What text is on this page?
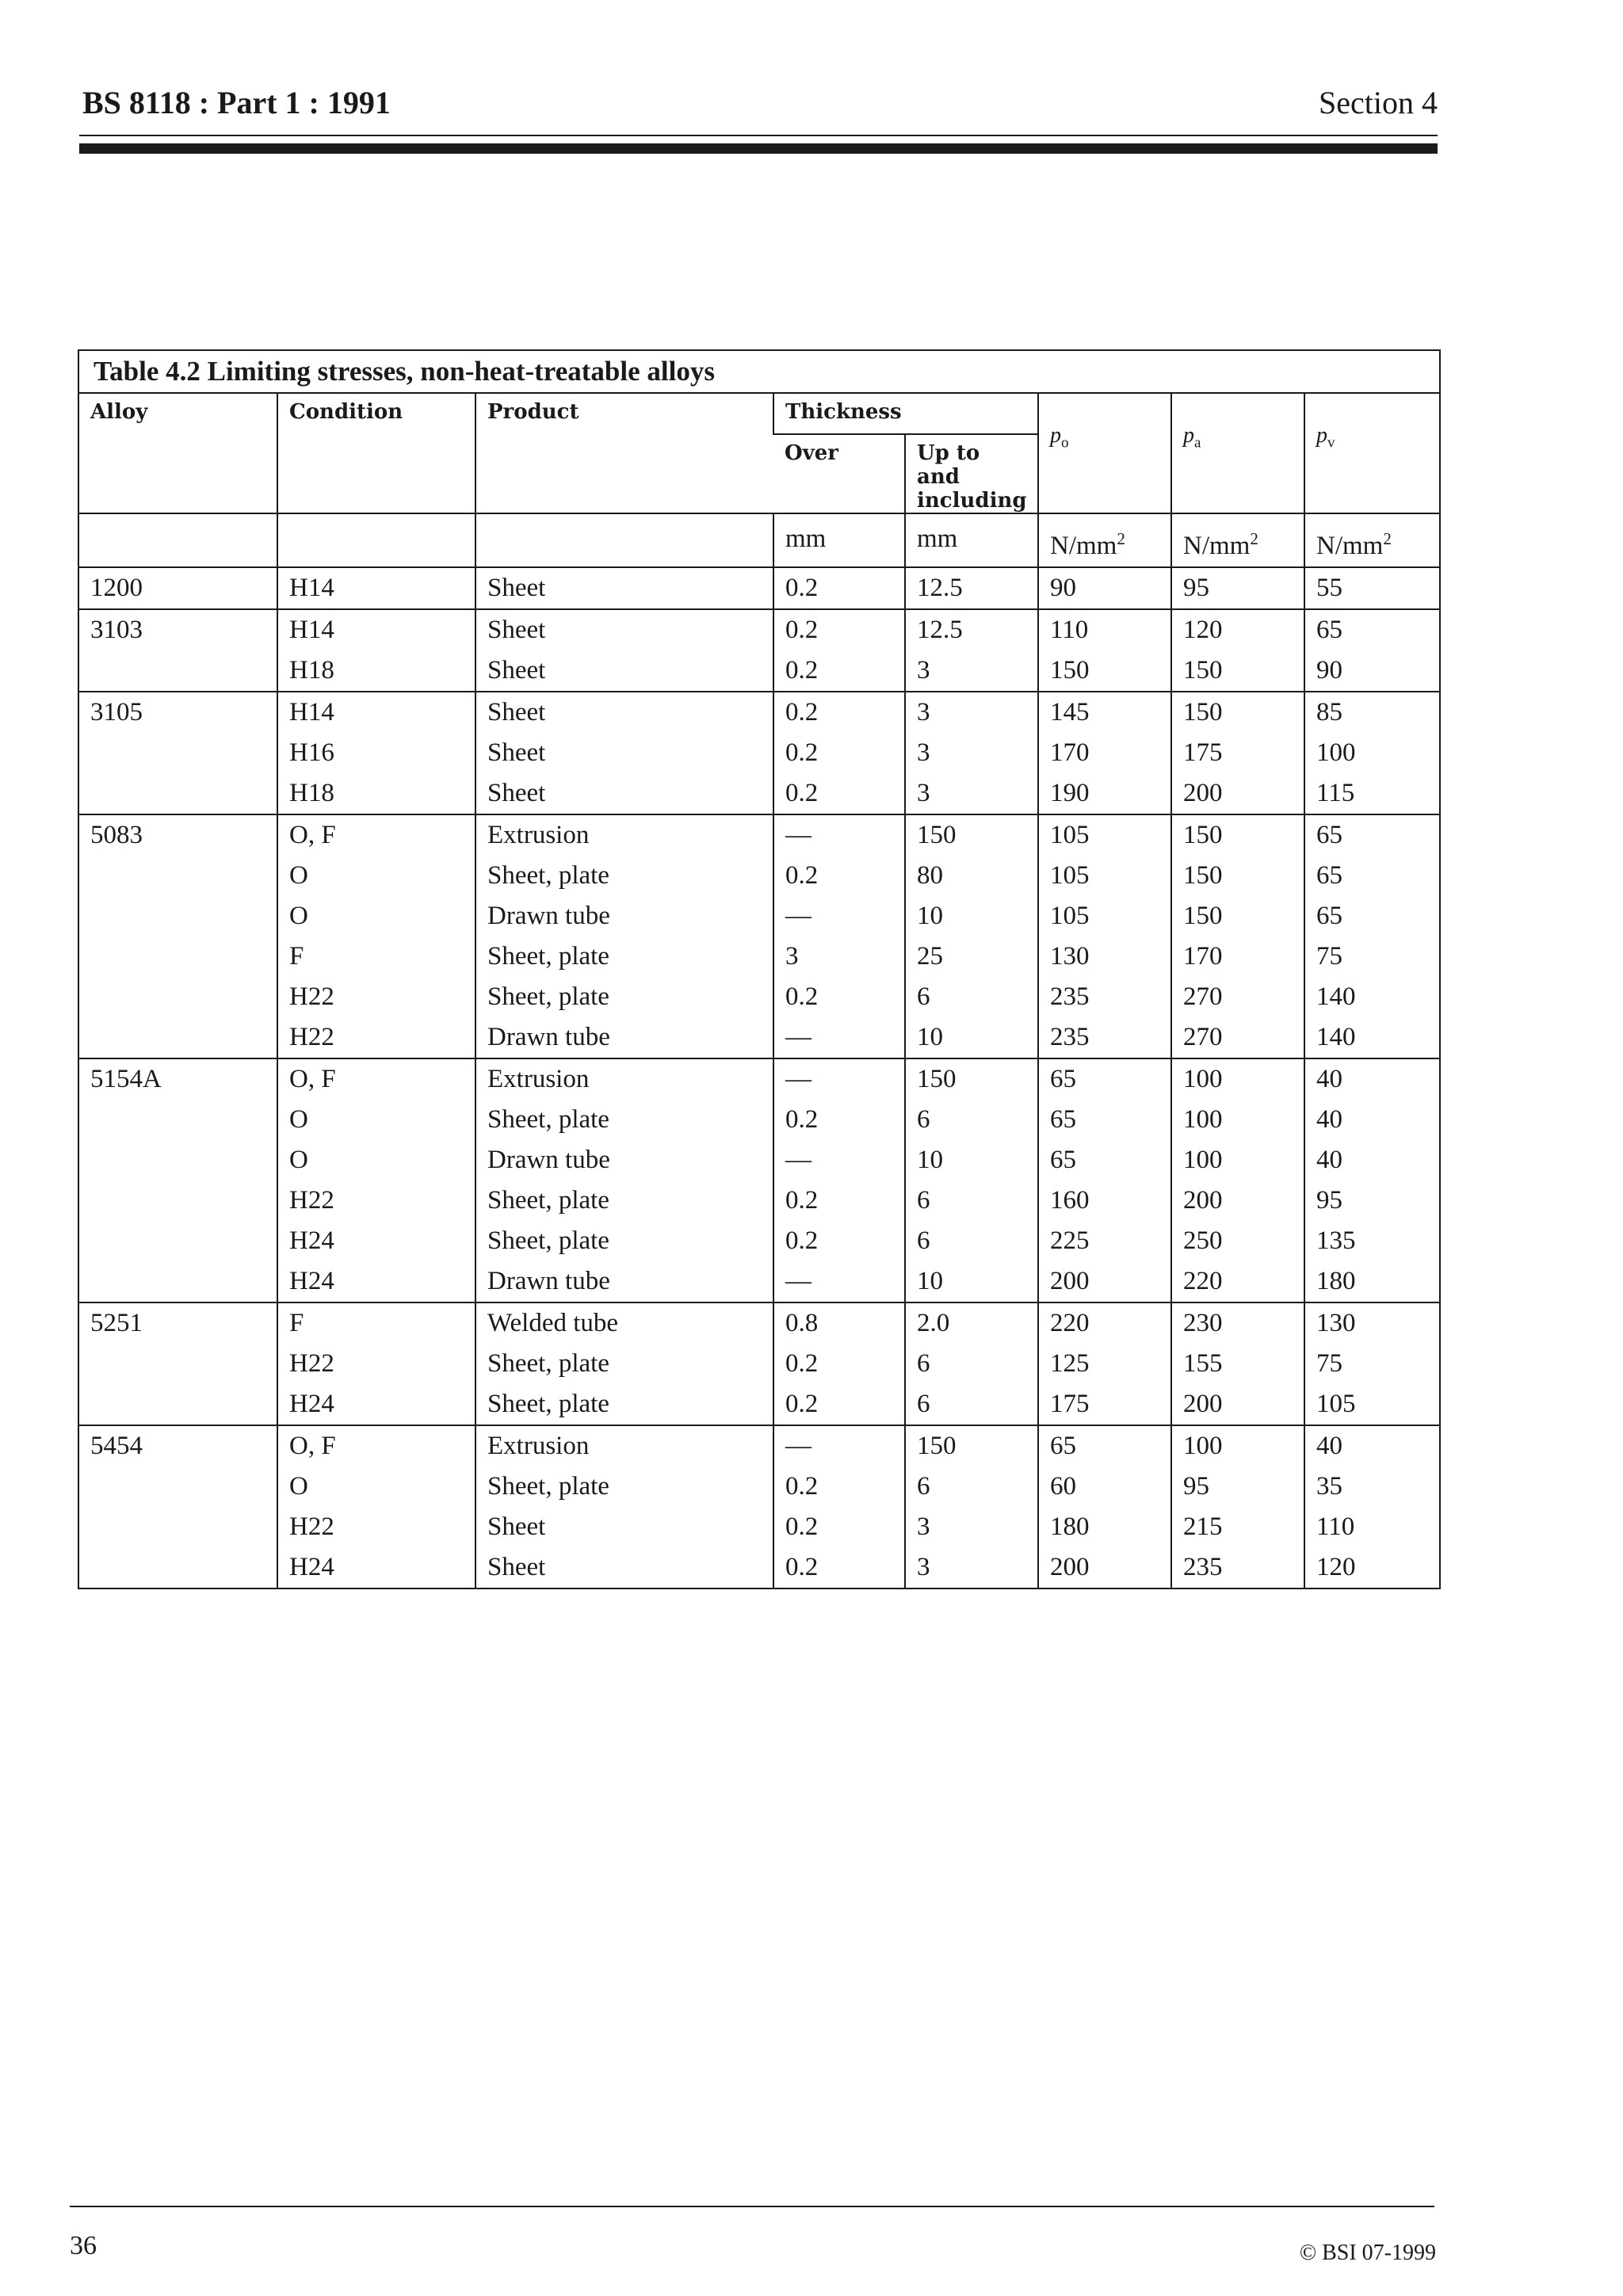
BS 8118 : Part 1 : 1991	Section 4
Table 4.2 Limiting stresses, non-heat-treatable alloys
Alloy	Condition	Product	Thickness		$p_o$	$p_a$	$p_v$
			Over	Up to and including			
			mm	mm	$N/mm^2$	$N/mm^2$	$N/mm^2$
1200	H14	Sheet	0.2	12.5	90	95	55
3103	H14	Sheet	0.2	12.5	110	120	65
	H18	Sheet	0.2	3	150	150	90
3105	H14	Sheet	0.2	3	145	150	85
	H16	Sheet	0.2	3	170	175	100
	H18	Sheet	0.2	3	190	200	115
5083	O, F	Extrusion	—	150	105	150	65
	O	Sheet, plate	0.2	80	105	150	65
	O	Drawn tube	—	10	105	150	65
	F	Sheet, plate	3	25	130	170	75
	H22	Sheet, plate	0.2	6	235	270	140
	H22	Drawn tube	—	10	235	270	140
5154A	O, F	Extrusion	—	150	65	100	40
	O	Sheet, plate	0.2	6	65	100	40
	O	Drawn tube	—	10	65	100	40
	H22	Sheet, plate	0.2	6	160	200	95
	H24	Sheet, plate	0.2	6	225	250	135
	H24	Drawn tube	—	10	200	220	180
5251	F	Welded tube	0.8	2.0	220	230	130
	H22	Sheet, plate	0.2	6	125	155	75
	H24	Sheet, plate	0.2	6	175	200	105
5454	O, F	Extrusion	—	150	65	100	40
	O	Sheet, plate	0.2	6	60	95	35
	H22	Sheet	0.2	3	180	215	110
	H24	Sheet	0.2	3	200	235	120
36	© BSI 07-1999
